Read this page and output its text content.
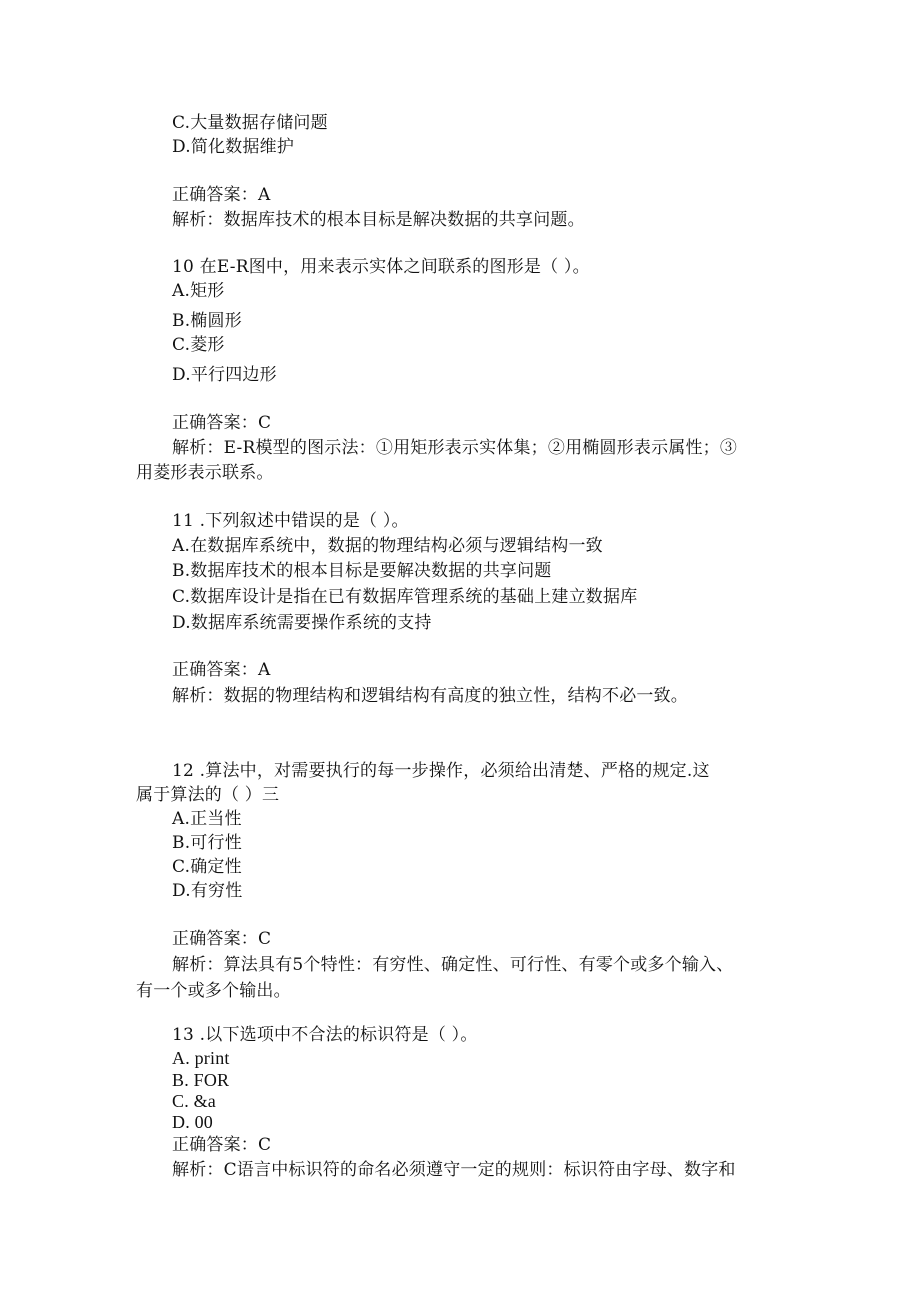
C.大量数据存储问题
D.简化数据维护
正确答案：A
解析：数据库技术的根本目标是解决数据的共享问题。
10 在E-R图中，用来表示实体之间联系的图形是（ ）。
A.矩形
B.椭圆形
C.菱形
D.平行四边形
正确答案：C
解析：E-R模型的图示法：①用矩形表示实体集；②用椭圆形表示属性；③
用菱形表示联系。
11 .下列叙述中错误的是（ ）。
A.在数据库系统中，数据的物理结构必须与逻辑结构一致
B.数据库技术的根本目标是要解决数据的共享问题
C.数据库设计是指在已有数据库管理系统的基础上建立数据库
D.数据库系统需要操作系统的支持
正确答案：A
解析：数据的物理结构和逻辑结构有高度的独立性，结构不必一致。
12 .算法中，对需要执行的每一步操作，必须给出清楚、严格的规定.这
属于算法的（ ）三
A.正当性
B.可行性
C.确定性
D.有穷性
正确答案：C
解析：算法具有5个特性：有穷性、确定性、可行性、有零个或多个输入、
有一个或多个输出。
13 .以下选项中不合法的标识符是（ ）。
A. print
B. FOR
C. &a
D. 00
正确答案：C
解析：C语言中标识符的命名必须遵守一定的规则：标识符由字母、数字和
